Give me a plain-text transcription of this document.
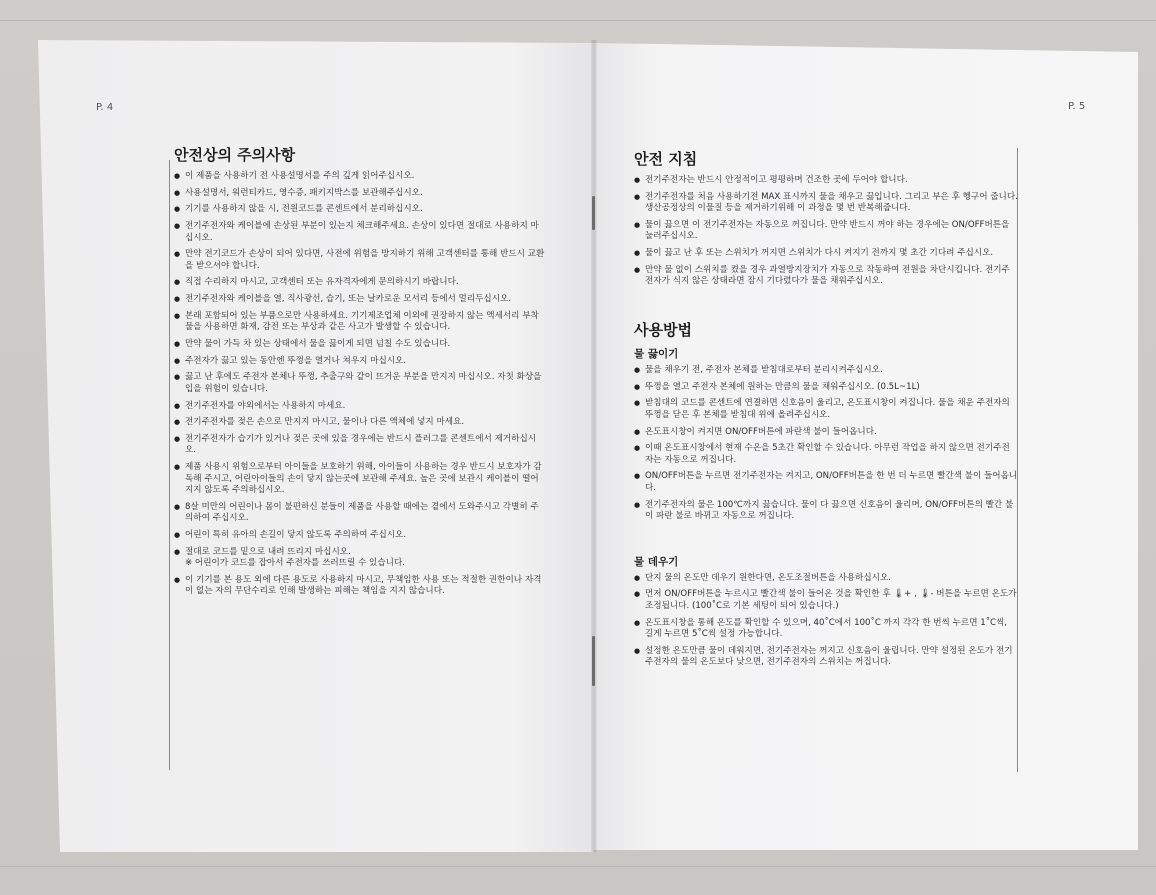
P. 4	P. 5
안전상의 주의사항
● 이 제품을 사용하기 전 사용설명서를 주의 깊게 읽어주십시오.
● 사용설명서, 워런티카드, 영수증, 패키지박스를 보관해주십시오.
● 기기를 사용하지 않을 시, 전원코드를 콘센트에서 분리하십시오.
● 전기주전자와 케이블에 손상된 부분이 있는지 체크해주세요. 손상이 있다면 절대로 사용하지 마십시오.
● 만약 전기코드가 손상이 되어 있다면, 사전에 위험을 방지하기 위해 고객센터를 통해 반드시 교환을 받으셔야 합니다.
● 직접 수리하지 마시고, 고객센터 또는 유자격자에게 문의하시기 바랍니다.
● 전기주전자와 케이블을 열, 직사광선, 습기, 또는 날카로운 모서리 등에서 멀리두십시오.
● 본래 포함되어 있는 부품으로만 사용하세요. 기기제조업체 이외에 권장하지 않는 액세서리 부착물을 사용하면 화재, 감전 또는 부상과 같은 사고가 발생할 수 있습니다.
● 만약 물이 가득 차 있는 상태에서 물을 끓이게 되면 넘칠 수도 있습니다.
● 주전자가 끓고 있는 동안엔 뚜껑을 열거나 쳐우지 마십시오.
● 끓고 난 후에도 주전자 본체나 뚜껑, 추출구와 같이 뜨거운 부분을 만지지 마십시오. 자칫 화상을 입을 위험이 있습니다.
● 전기주전자를 야외에서는 사용하지 마세요.
● 전기주전자를 젖은 손으로 만지지 마시고, 물이나 다른 액체에 넣지 마세요.
● 전기주전자가 습기가 있거나 젖은 곳에 있을 경우에는 반드시 플러그를 콘센트에서 제거하십시오.
● 제품 사용시 위험으로부터 아이들을 보호하기 위해, 아이들이 사용하는 경우 반드시 보호자가 감독해 주시고, 어린아이들의 손이 닿지 않는곳에 보관해 주세요. 높은 곳에 보관시 케이블이 떨어지지 않도록 주의하십시오.
● 8살 미만의 어린이나 몸이 불편하신 분들이 제품을 사용할 때에는 곁에서 도와주시고 각별히 주의하여 주십시오.
● 어린이 특히 유아의 손길이 닿지 않도록 주의하여 주십시오.
● 절대로 코드를 밑으로 내려 뜨리지 마십시오.
※ 어린이가 코드를 잡아서 주전자를 쓰러뜨릴 수 있습니다.
● 이 기기를 본 용도 외에 다른 용도로 사용하지 마시고, 무책임한 사용 또는 적절한 권한이나 자격이 없는 자의 무단수리로 인해 발생하는 피해는 책임을 지지 않습니다.
안전 지침
● 전기주전자는 반드시 안정적이고 평평하며 건조한 곳에 두어야 합니다.
● 전기주전자를 처음 사용하기전 MAX 표시까지 물을 채우고 끓입니다. 그리고 부은 후 헹구어 줍니다. 생산공정상의 이물질 등을 제거하기위해 이 과정을 몇 번 반복해줍니다.
● 물이 끓으면 이 전기주전자는 자동으로 꺼집니다. 만약 반드시 꺼야 하는 경우에는 ON/OFF버튼을 눌러주십시오.
● 물이 끓고 난 후 또는 스위치가 꺼지면 스위치가 다시 켜지기 전까지 몇 초간 기다려 주십시오.
● 만약 물 없이 스위치를 켰을 경우 과열방지장치가 자동으로 작동하여 전원을 차단시킵니다. 전기주전자가 식지 않은 상태라면 잠시 기다렸다가 물을 채워주십시오.
사용방법
물 끓이기
● 물을 채우기 전, 주전자 본체를 받침대로부터 분리시켜주십시오.
● 뚜껑을 열고 주전자 본체에 원하는 만큼의 물을 채워주십시오. (0.5L~1L)
● 받침대의 코드를 콘센트에 연결하면 신호음이 울리고, 온도표시창이 켜집니다. 물을 채운 주전자의 뚜껑을 닫은 후 본체를 받침대 위에 올려주십시오.
● 온도표시창이 켜지면 ON/OFF버튼에 파란색 불이 들어옵니다.
● 이때 온도표시창에서 현재 수온을 5초간 확인할 수 있습니다. 아무런 작업을 하지 않으면 전기주전자는 자동으로 꺼집니다.
● ON/OFF버튼을 누르면 전기주전자는 켜지고, ON/OFF버튼을 한 번 더 누르면 빨간색 불이 들어옵니다.
● 전기주전자의 물은 100℃까지 끓습니다. 물이 다 끓으면 신호음이 울리며, ON/OFF버튼의 빨간 불이 파란 불로 바뀌고 자동으로 꺼집니다.
물 데우기
● 단지 물의 온도만 데우기 원한다면, 온도조절버튼을 사용하십시오.
● 먼저 ON/OFF버튼을 누르시고 빨간색 불이 들어온 것을 확인한 후 🌡+ , 🌡- 버튼을 누르면 온도가 조정됩니다. (100˚C로 기본 세팅이 되어 있습니다.)
● 온도표시창을 통해 온도를 확인할 수 있으며, 40˚C에서 100˚C 까지 각각 한 번씩 누르면 1˚C씩, 길게 누르면 5˚C씩 설정 가능합니다.
● 설정한 온도만큼 물이 데워지면, 전기주전자는 꺼지고 신호음이 울립니다. 만약 설정된 온도가 전기주전자의 물의 온도보다 낮으면, 전기주전자의 스위치는 꺼집니다.
